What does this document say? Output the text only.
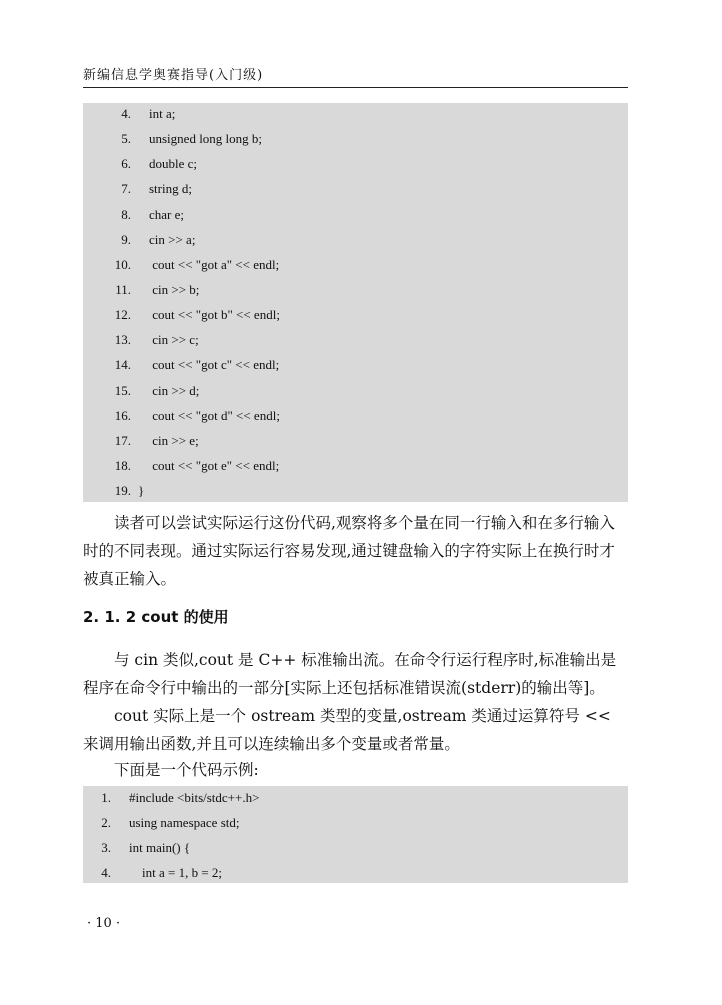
新编信息学奥赛指导(入门级)
4. int a;
5. unsigned long long b;
6. double c;
7. string d;
8. char e;
9. cin >> a;
10. cout << "got a" << endl;
11. cin >> b;
12. cout << "got b" << endl;
13. cin >> c;
14. cout << "got c" << endl;
15. cin >> d;
16. cout << "got d" << endl;
17. cin >> e;
18. cout << "got e" << endl;
19. }

读者可以尝试实际运行这份代码,观察将多个量在同一行输入和在多行输入时的不同表现。通过实际运行容易发现,通过键盘输入的字符实际上在换行时才被真正输入。

2. 1. 2 cout 的使用

与 cin 类似,cout 是 C++ 标准输出流。在命令行运行程序时,标准输出是程序在命令行中输出的一部分[实际上还包括标准错误流(stderr)的输出等]。

cout 实际上是一个 ostream 类型的变量,ostream 类通过运算符号 << 来调用输出函数,并且可以连续输出多个变量或者常量。

下面是一个代码示例:

1. #include <bits/stdc++.h>
2. using namespace std;
3. int main() {
4. int a = 1, b = 2;
· 10 ·
